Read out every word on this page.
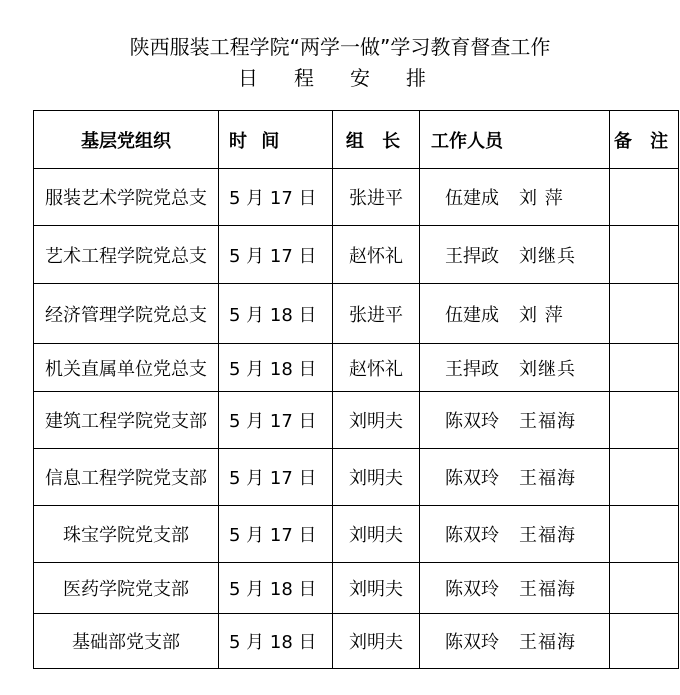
陕西服装工程学院“两学一做”学习教育督查工作
日程安排
基层党组织	时 间	组 长	工作人员	备 注
服装艺术学院党总支	5 月 17 日	张进平	伍建成 刘 萍	
艺术工程学院党总支	5 月 17 日	赵怀礼	王捍政 刘继兵	
经济管理学院党总支	5 月 18 日	张进平	伍建成 刘 萍	
机关直属单位党总支	5 月 18 日	赵怀礼	王捍政 刘继兵	
建筑工程学院党支部	5 月 17 日	刘明夫	陈双玲 王福海	
信息工程学院党支部	5 月 17 日	刘明夫	陈双玲 王福海	
珠宝学院党支部	5 月 17 日	刘明夫	陈双玲 王福海	
医药学院党支部	5 月 18 日	刘明夫	陈双玲 王福海	
基础部党支部	5 月 18 日	刘明夫	陈双玲 王福海	
